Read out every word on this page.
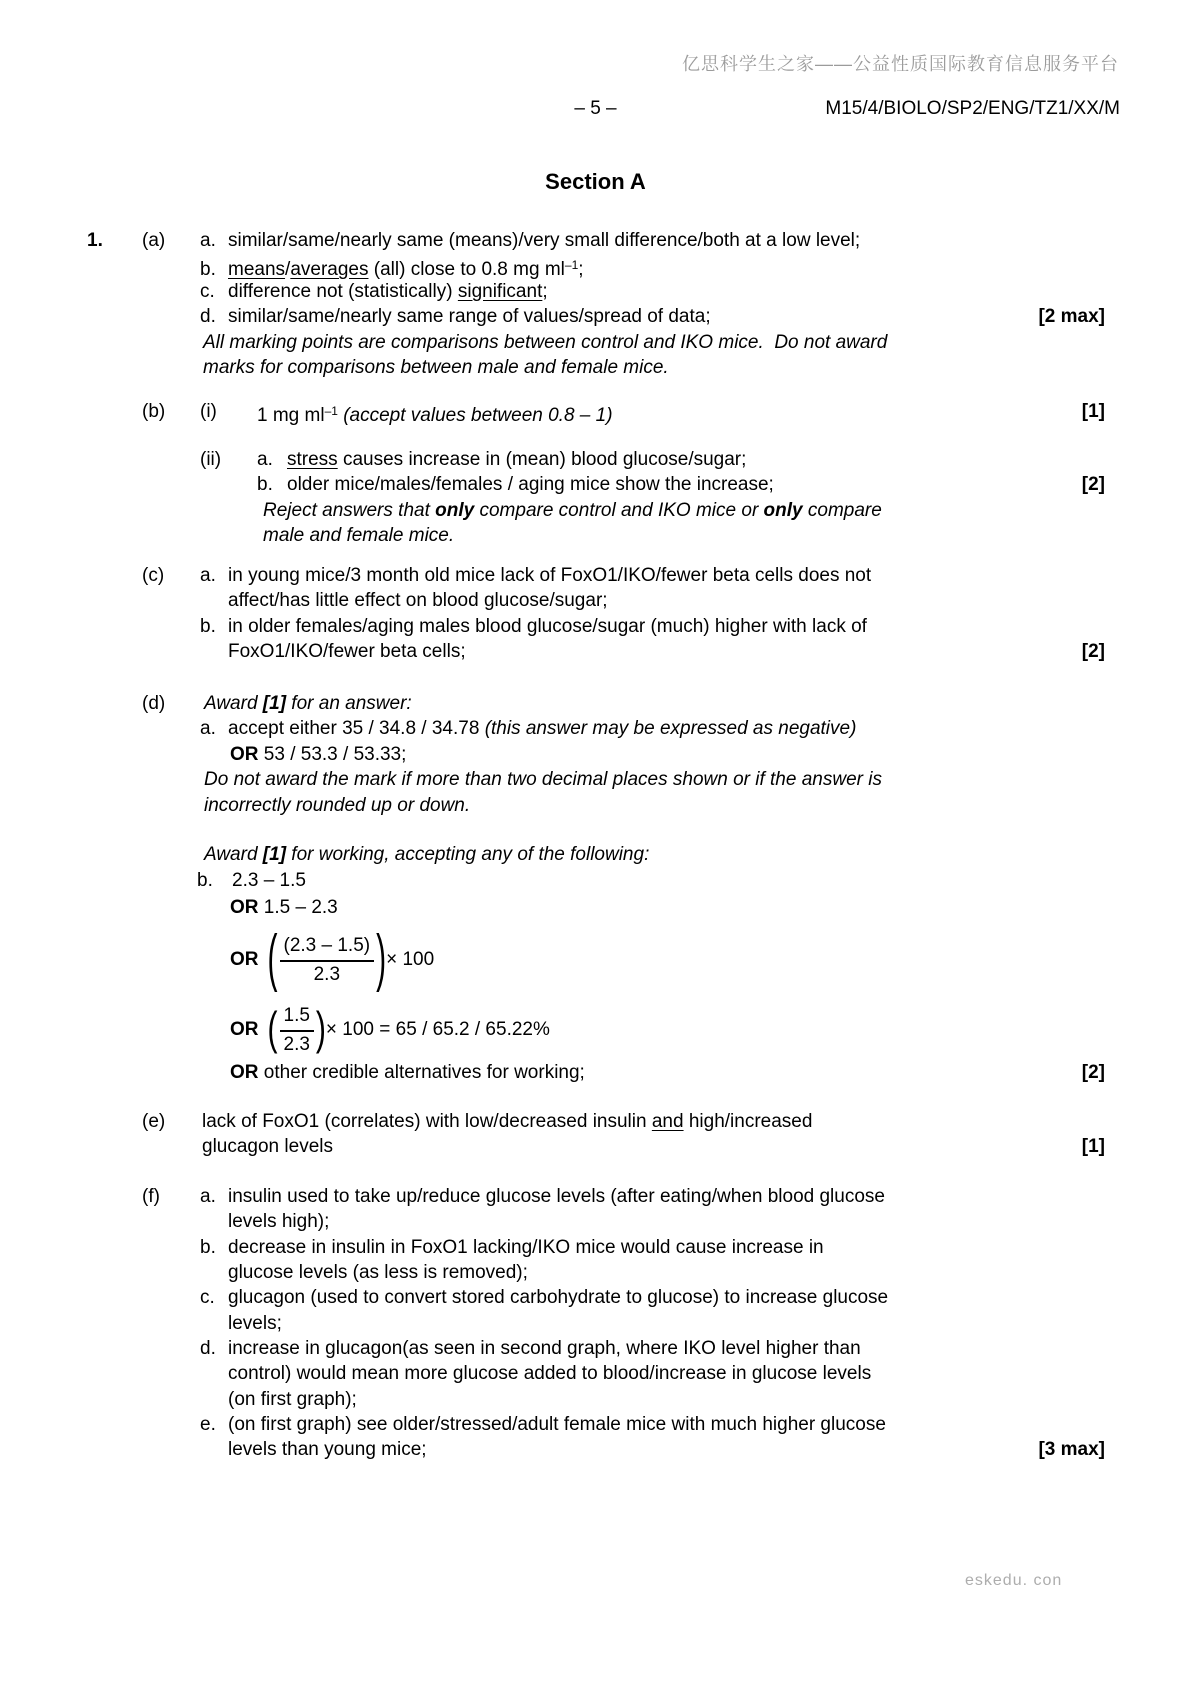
亿思科学生之家——公益性质国际教育信息服务平台
– 5 –	M15/4/BIOLO/SP2/ENG/TZ1/XX/M
Section A
1. (a) a. similar/same/nearly same (means)/very small difference/both at a low level;
b. means/averages (all) close to 0.8 mg $ml^{-1}$;
c. difference not (statistically) significant;
d. similar/same/nearly same range of values/spread of data;	[2 max]
All marking points are comparisons between control and IKO mice.  Do not award
marks for comparisons between male and female mice.
(b) (i) 1 mg $ml^{-1}$ (accept values between 0.8 – 1)	[1]
(ii) a. stress causes increase in (mean) blood glucose/sugar;
b. older mice/males/females / aging mice show the increase;	[2]
Reject answers that only compare control and IKO mice or only compare
male and female mice.
(c) a. in young mice/3 month old mice lack of FoxO1/IKO/fewer beta cells does not
affect/has little effect on blood glucose/sugar;
b. in older females/aging males blood glucose/sugar (much) higher with lack of
FoxO1/IKO/fewer beta cells;	[2]
(d) Award [1] for an answer:
a. accept either 35 / 34.8 / 34.78 (this answer may be expressed as negative)
OR 53 / 53.3 / 53.33;
Do not award the mark if more than two decimal places shown or if the answer is
incorrectly rounded up or down.
Award [1] for working, accepting any of the following:
b. 2.3 – 1.5
OR 1.5 – 2.3
OR ( $\frac{(2.3 - 1.5)}{2.3}$ ) × 100
OR ( $\frac{1.5}{2.3}$ ) × 100 = 65 / 65.2 / 65.22%
OR other credible alternatives for working;	[2]
(e) lack of FoxO1 (correlates) with low/decreased insulin and high/increased
glucagon levels	[1]
(f) a. insulin used to take up/reduce glucose levels (after eating/when blood glucose
levels high);
b. decrease in insulin in FoxO1 lacking/IKO mice would cause increase in
glucose levels (as less is removed);
c. glucagon (used to convert stored carbohydrate to glucose) to increase glucose
levels;
d. increase in glucagon(as seen in second graph, where IKO level higher than
control) would mean more glucose added to blood/increase in glucose levels
(on first graph);
e. (on first graph) see older/stressed/adult female mice with much higher glucose
levels than young mice;	[3 max]
eskedu. con
